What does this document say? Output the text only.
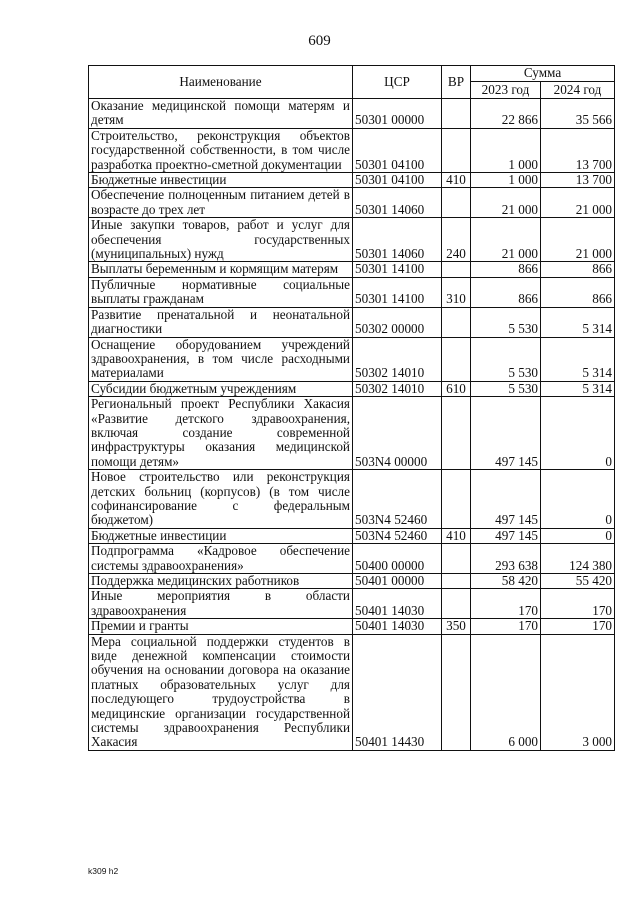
609
Наименование	ЦСР	ВР	Сумма	
			2023 год	2024 год
Оказание медицинской помощи матерям и детям	50301 00000		22 866	35 566
Строительство, реконструкция объектов государственной собственности, в том числе разработка проектно-сметной документации	50301 04100		1 000	13 700
Бюджетные инвестиции	50301 04100	410	1 000	13 700
Обеспечение полноценным питанием детей в возрасте до трех лет	50301 14060		21 000	21 000
Иные закупки товаров, работ и услуг для обеспечения государственных (муниципальных) нужд	50301 14060	240	21 000	21 000
Выплаты беременным и кормящим матерям	50301 14100		866	866
Публичные нормативные социальные выплаты гражданам	50301 14100	310	866	866
Развитие пренатальной и неонатальной диагностики	50302 00000		5 530	5 314
Оснащение оборудованием учреждений здравоохранения, в том числе расходными материалами	50302 14010		5 530	5 314
Субсидии бюджетным учреждениям	50302 14010	610	5 530	5 314
Региональный проект Республики Хакасия «Развитие детского здравоохранения, включая создание современной инфраструктуры оказания медицинской помощи детям»	503N4 00000		497 145	0
Новое строительство или реконструкция детских больниц (корпусов) (в том числе софинансирование с федеральным бюджетом)	503N4 52460		497 145	0
Бюджетные инвестиции	503N4 52460	410	497 145	0
Подпрограмма «Кадровое обеспечение системы здравоохранения»	50400 00000		293 638	124 380
Поддержка медицинских работников	50401 00000		58 420	55 420
Иные мероприятия в области здравоохранения	50401 14030		170	170
Премии и гранты	50401 14030	350	170	170
Мера социальной поддержки студентов в виде денежной компенсации стоимости обучения на основании договора на оказание платных образовательных услуг для последующего трудоустройства в медицинские организации государственной системы здравоохранения Республики Хакасия	50401 14430		6 000	3 000
k309 h2
